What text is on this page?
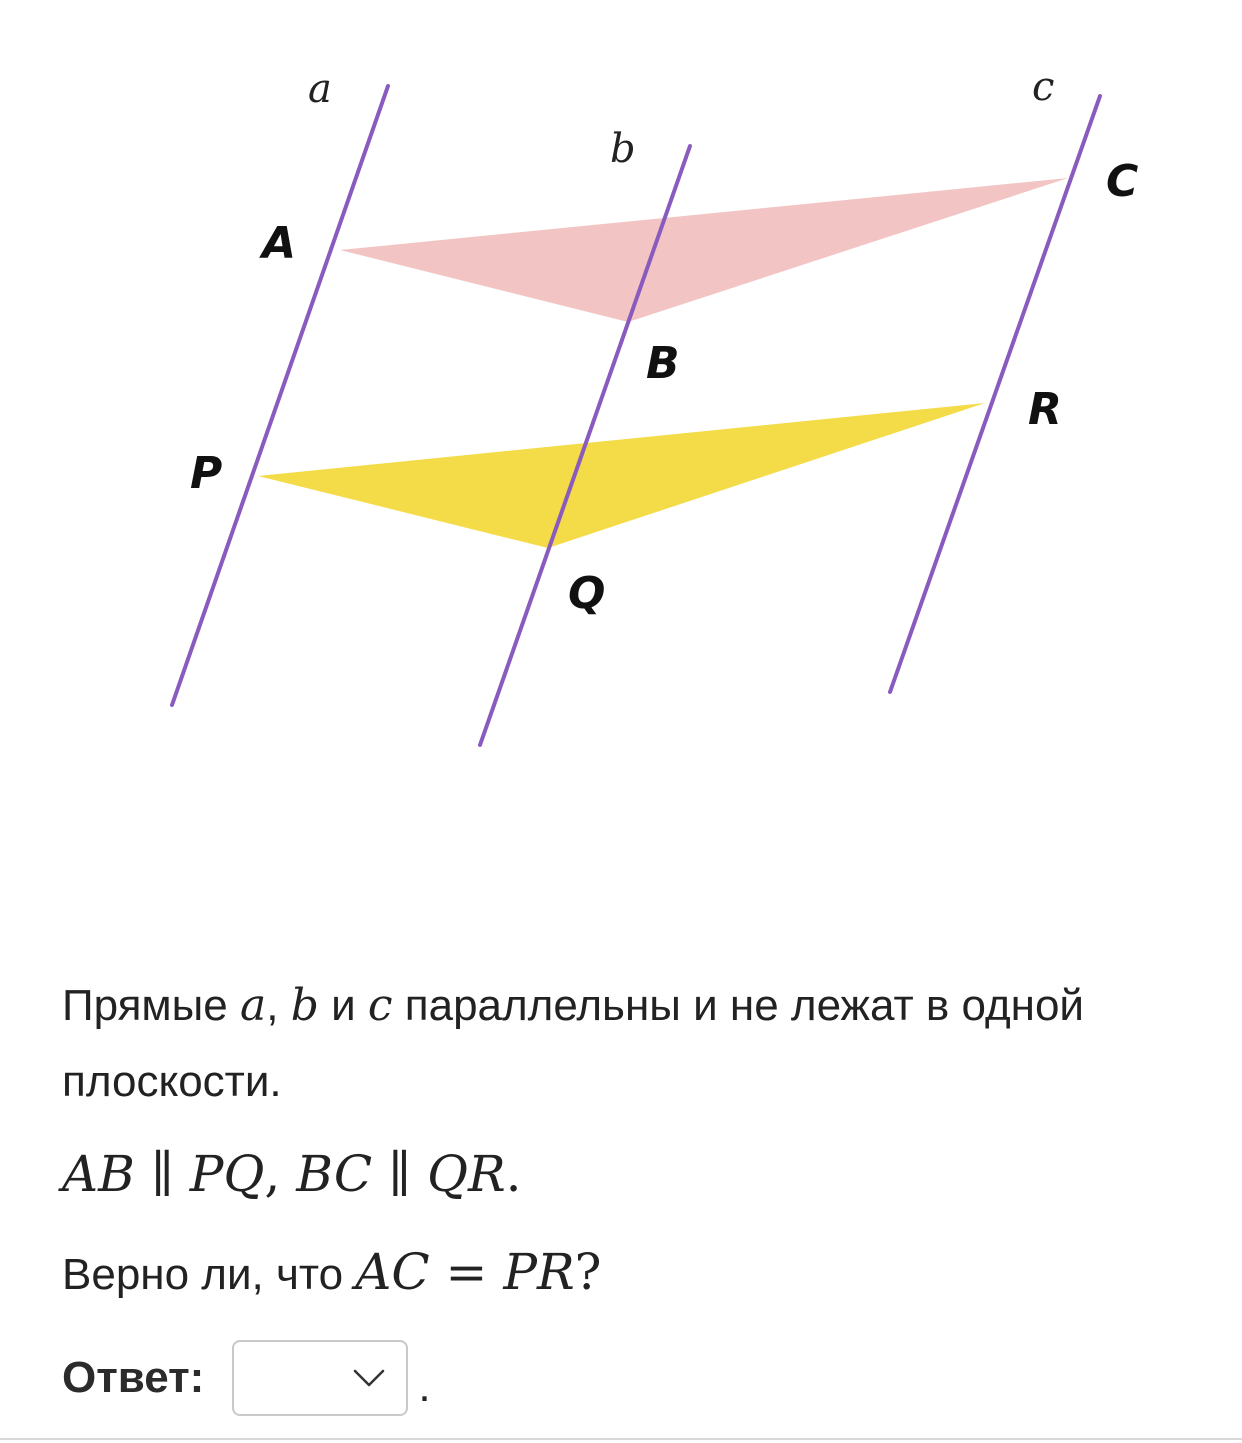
a
b
c
A
B
C
P
Q
R

Прямые a, b и c параллельны и не лежат в одной плоскости.

AB ∥ PQ, BC ∥ QR.

Верно ли, что AC = PR?

Ответ:	.
